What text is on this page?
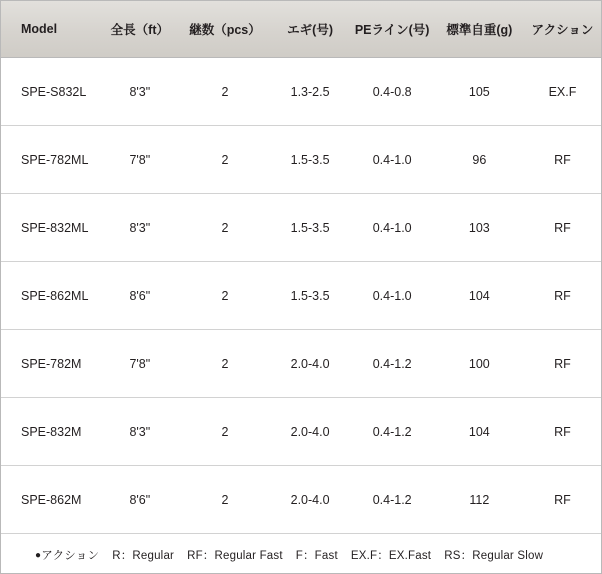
Model	全長（ft）	継数（pcs）	エギ(号)	PEライン(号)	標準自重(g)	アクション
SPE-S832L	8'3"	2	1.3-2.5	0.4-0.8	105	EX.F
SPE-782ML	7'8"	2	1.5-3.5	0.4-1.0	96	RF
SPE-832ML	8'3"	2	1.5-3.5	0.4-1.0	103	RF
SPE-862ML	8'6"	2	1.5-3.5	0.4-1.0	104	RF
SPE-782M	7'8"	2	2.0-4.0	0.4-1.2	100	RF
SPE-832M	8'3"	2	2.0-4.0	0.4-1.2	104	RF
SPE-862M	8'6"	2	2.0-4.0	0.4-1.2	112	RF
●アクション R：Regular RF：Regular Fast F：Fast EX.F：EX.Fast RS：Regular Slow
